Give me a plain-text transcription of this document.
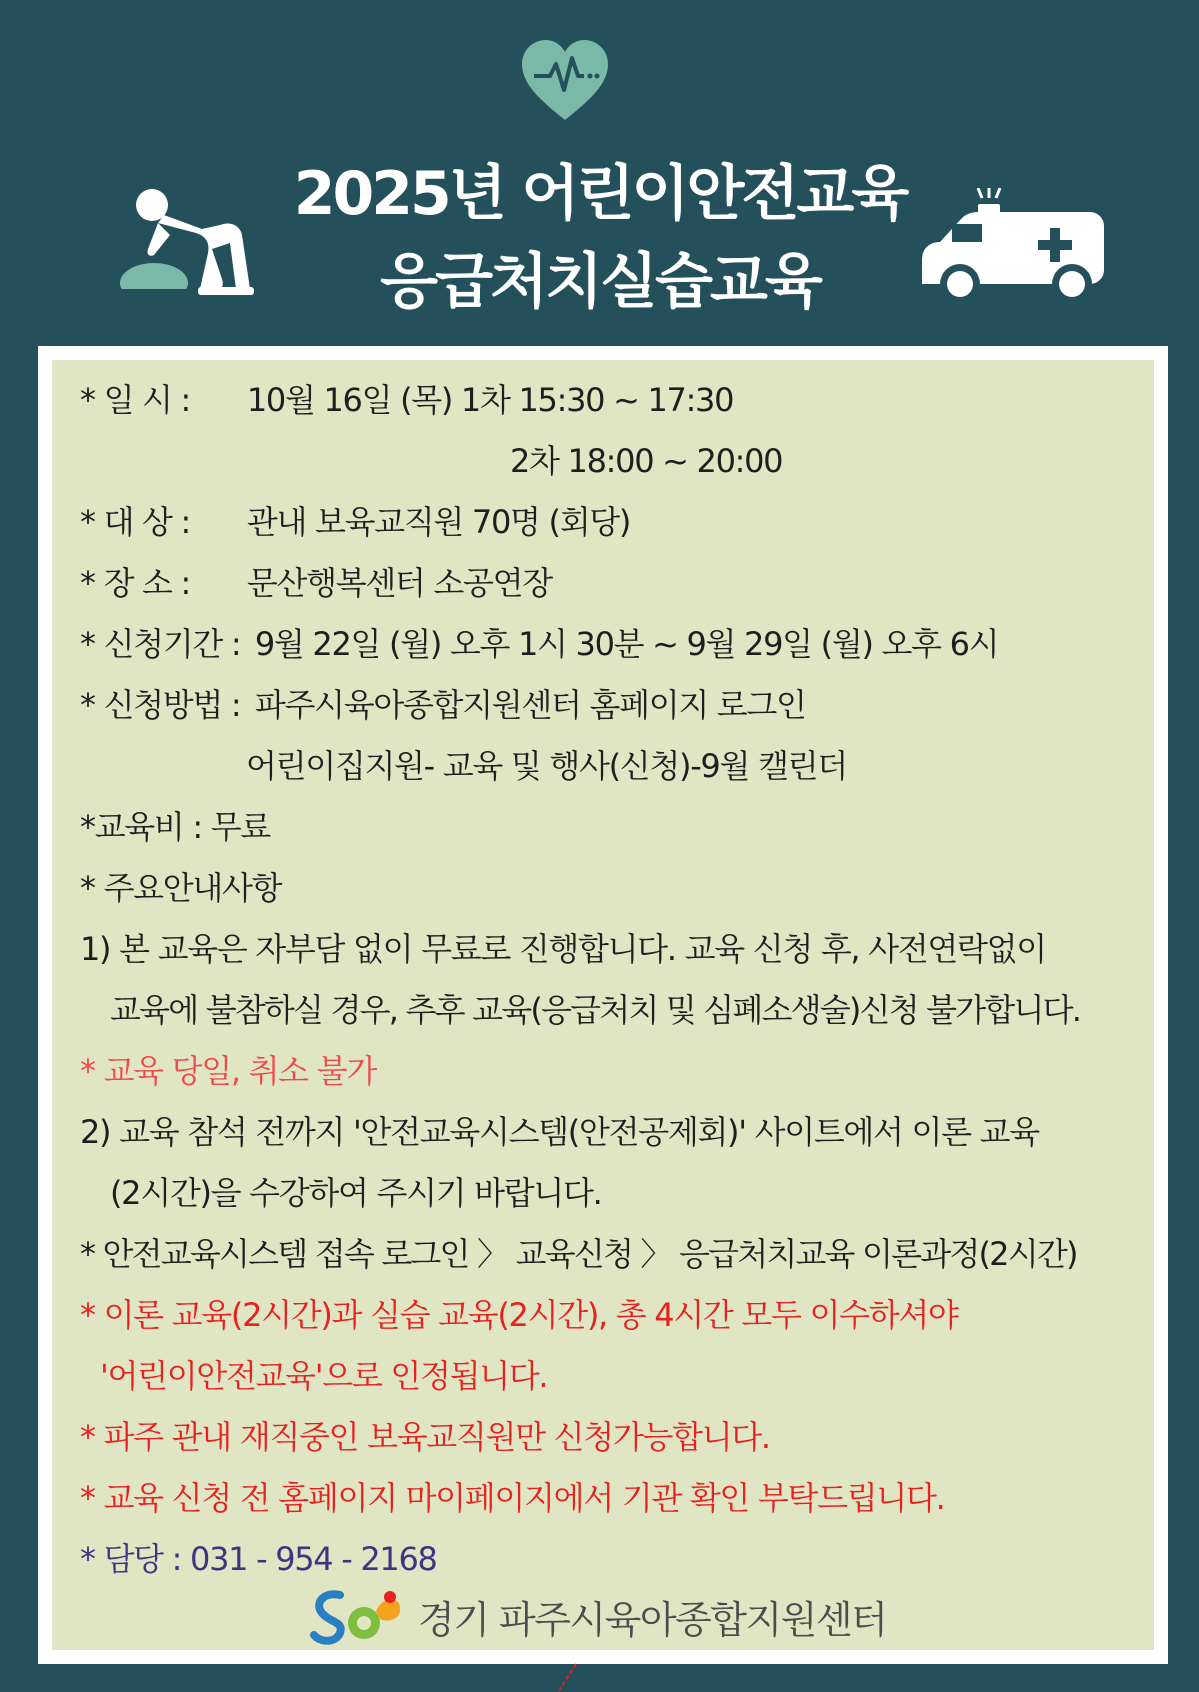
2025년 어린이안전교육
응급처치실습교육
* 일 시 : 10월 16일 (목) 1차 15:30 ~ 17:30
2차 18:00 ~ 20:00
* 대 상 : 관내 보육교직원 70명 (회당)
* 장 소 : 문산행복센터 소공연장
* 신청기간 : 9월 22일 (월) 오후 1시 30분 ~ 9월 29일 (월) 오후 6시
* 신청방법 : 파주시육아종합지원센터 홈페이지 로그인
어린이집지원- 교육 및 행사(신청)-9월 캘린더
*교육비 : 무료
* 주요안내사항
1) 본 교육은 자부담 없이 무료로 진행합니다. 교육 신청 후, 사전연락없이
교육에 불참하실 경우, 추후 교육(응급처치 및 심폐소생술)신청 불가합니다.
* 교육 당일, 취소 불가
2) 교육 참석 전까지 '안전교육시스템(안전공제회)' 사이트에서 이론 교육
(2시간)을 수강하여 주시기 바랍니다.
* 안전교육시스템 접속 로그인 〉 교육신청 〉 응급처치교육 이론과정(2시간)
* 이론 교육(2시간)과 실습 교육(2시간), 총 4시간 모두 이수하셔야
'어린이안전교육'으로 인정됩니다.
* 파주 관내 재직중인 보육교직원만 신청가능합니다.
* 교육 신청 전 홈페이지 마이페이지에서 기관 확인 부탁드립니다.
* 담당 : 031 - 954 - 2168
경기 파주시육아종합지원센터
